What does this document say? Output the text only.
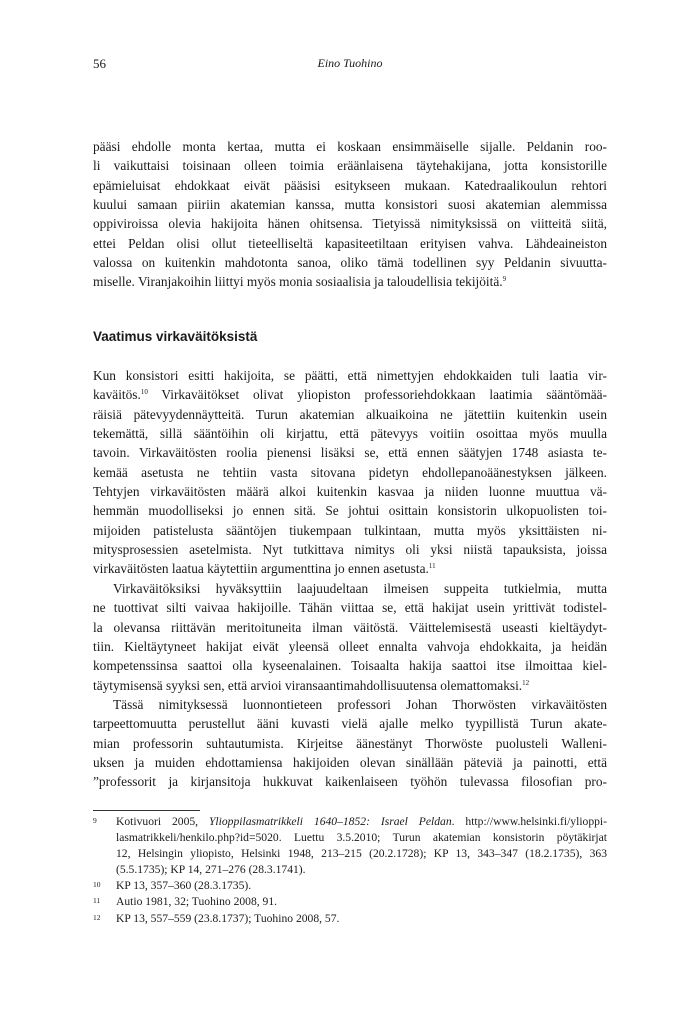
56	Eino Tuohino
pääsi ehdolle monta kertaa, mutta ei koskaan ensimmäiselle sijalle. Peldanin roo-
li vaikuttaisi toisinaan olleen toimia eräänlaisena täytehakijana, jotta konsistorille
epämieluisat ehdokkaat eivät pääsisi esitykseen mukaan. Katedraalikoulun rehtori
kuului samaan piiriin akatemian kanssa, mutta konsistori suosi akatemian alemmissa
oppiviroissa olevia hakijoita hänen ohitsensa. Tietyissä nimityksissä on viitteitä siitä,
ettei Peldan olisi ollut tieteelliseltä kapasiteetiltaan erityisen vahva. Lähdeaineiston
valossa on kuitenkin mahdotonta sanoa, oliko tämä todellinen syy Peldanin sivuutta-
miselle. Viranjakoihin liittyi myös monia sosiaalisia ja taloudellisia tekijöitä.$^9$
Vaatimus virkaväitöksistä
Kun konsistori esitti hakijoita, se päätti, että nimettyjen ehdokkaiden tuli laatia vir-
kaväitös.$^{10}$ Virkaväitökset olivat yliopiston professoriehdokkaan laatimia sääntömää-
räisiä pätevyydennäytteitä. Turun akatemian alkuaikoina ne jätettiin kuitenkin usein
tekemättä, sillä sääntöihin oli kirjattu, että pätevyys voitiin osoittaa myös muulla
tavoin. Virkaväitösten roolia pienensi lisäksi se, että ennen säätyjen 1748 asiasta te-
kemää asetusta ne tehtiin vasta sitovana pidetyn ehdollepanoäänestyksen jälkeen.
Tehtyjen virkaväitösten määrä alkoi kuitenkin kasvaa ja niiden luonne muuttua vä-
hemmän muodolliseksi jo ennen sitä. Se johtui osittain konsistorin ulkopuolisten toi-
mijoiden patistelusta sääntöjen tiukempaan tulkintaan, mutta myös yksittäisten ni-
mitysprosessien asetelmista. Nyt tutkittava nimitys oli yksi niistä tapauksista, joissa
virkaväitösten laatua käytettiin argumenttina jo ennen asetusta.$^{11}$
Virkaväitöksiksi hyväksyttiin laajuudeltaan ilmeisen suppeita tutkielmia, mutta
ne tuottivat silti vaivaa hakijoille. Tähän viittaa se, että hakijat usein yrittivät todistel-
la olevansa riittävän meritoituneita ilman väitöstä. Väittelemisestä useasti kieltäydyt-
tiin. Kieltäytyneet hakijat eivät yleensä olleet ennalta vahvoja ehdokkaita, ja heidän
kompetenssinsa saattoi olla kyseenalainen. Toisaalta hakija saattoi itse ilmoittaa kiel-
täytymisensä syyksi sen, että arvioi viransaantimahdollisuutensa olemattomaksi.$^{12}$
Tässä nimityksessä luonnontieteen professori Johan Thorwösten virkaväitösten
tarpeettomuutta perustellut ääni kuvasti vielä ajalle melko tyypillistä Turun akate-
mian professorin suhtautumista. Kirjeitse äänestänyt Thorwöste puolusteli Walleni-
uksen ja muiden ehdottamiensa hakijoiden olevan sinällään päteviä ja painotti, että
”professorit ja kirjansitoja hukkuvat kaikenlaiseen työhön tulevassa filosofian pro-
9 Kotivuori 2005, Ylioppilasmatrikkeli 1640–1852: Israel Peldan. http://www.helsinki.fi/ylioppi-
lasmatrikkeli/henkilo.php?id=5020. Luettu 3.5.2010; Turun akatemian konsistorin pöytäkirjat
12, Helsingin yliopisto, Helsinki 1948, 213–215 (20.2.1728); KP 13, 343–347 (18.2.1735), 363
(5.5.1735); KP 14, 271–276 (28.3.1741).
10 KP 13, 357–360 (28.3.1735).
11 Autio 1981, 32; Tuohino 2008, 91.
12 KP 13, 557–559 (23.8.1737); Tuohino 2008, 57.
